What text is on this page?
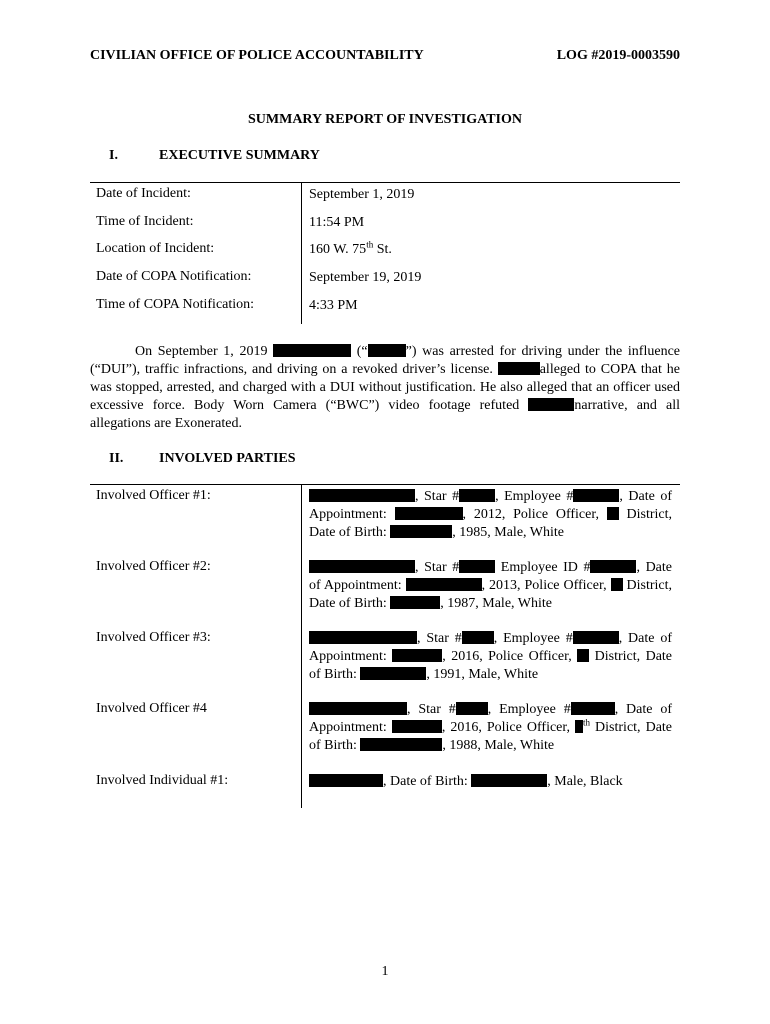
CIVILIAN OFFICE OF POLICE ACCOUNTABILITY	LOG #2019-0003590
SUMMARY REPORT OF INVESTIGATION
I.	EXECUTIVE SUMMARY
Date of Incident:	September 1, 2019
Time of Incident:	11:54 PM
Location of Incident:	160 W. 75th St.
Date of COPA Notification:	September 19, 2019
Time of COPA Notification:	4:33 PM
On September 1, 2019	(“	”) was arrested for driving under the influence (“DUI”), traffic infractions, and driving on a revoked driver’s license.	alleged to COPA that he was stopped, arrested, and charged with a DUI without justification. He also alleged that an officer used excessive force. Body Worn Camera (“BWC”) video footage refuted	narrative, and all allegations are Exonerated.
II.	INVOLVED PARTIES
Involved Officer #1:	, Star #	, Employee #	, Date of Appointment:	, 2012, Police Officer,  District, Date of Birth:	, 1985, Male, White
Involved Officer #2:	, Star #	Employee ID #	, Date of Appointment:	, 2013, Police Officer,  District, Date of Birth:	, 1987, Male, White
Involved Officer #3:	, Star # , Employee #	, Date of Appointment:	, 2016, Police Officer,  District, Date of Birth:	, 1991, Male, White
Involved Officer #4	, Star # , Employee #	, Date of Appointment:	, 2016, Police Officer, $^{th}$ District, Date of Birth:	, 1988, Male, White
Involved Individual #1:	, Date of Birth:	, Male, Black
1
